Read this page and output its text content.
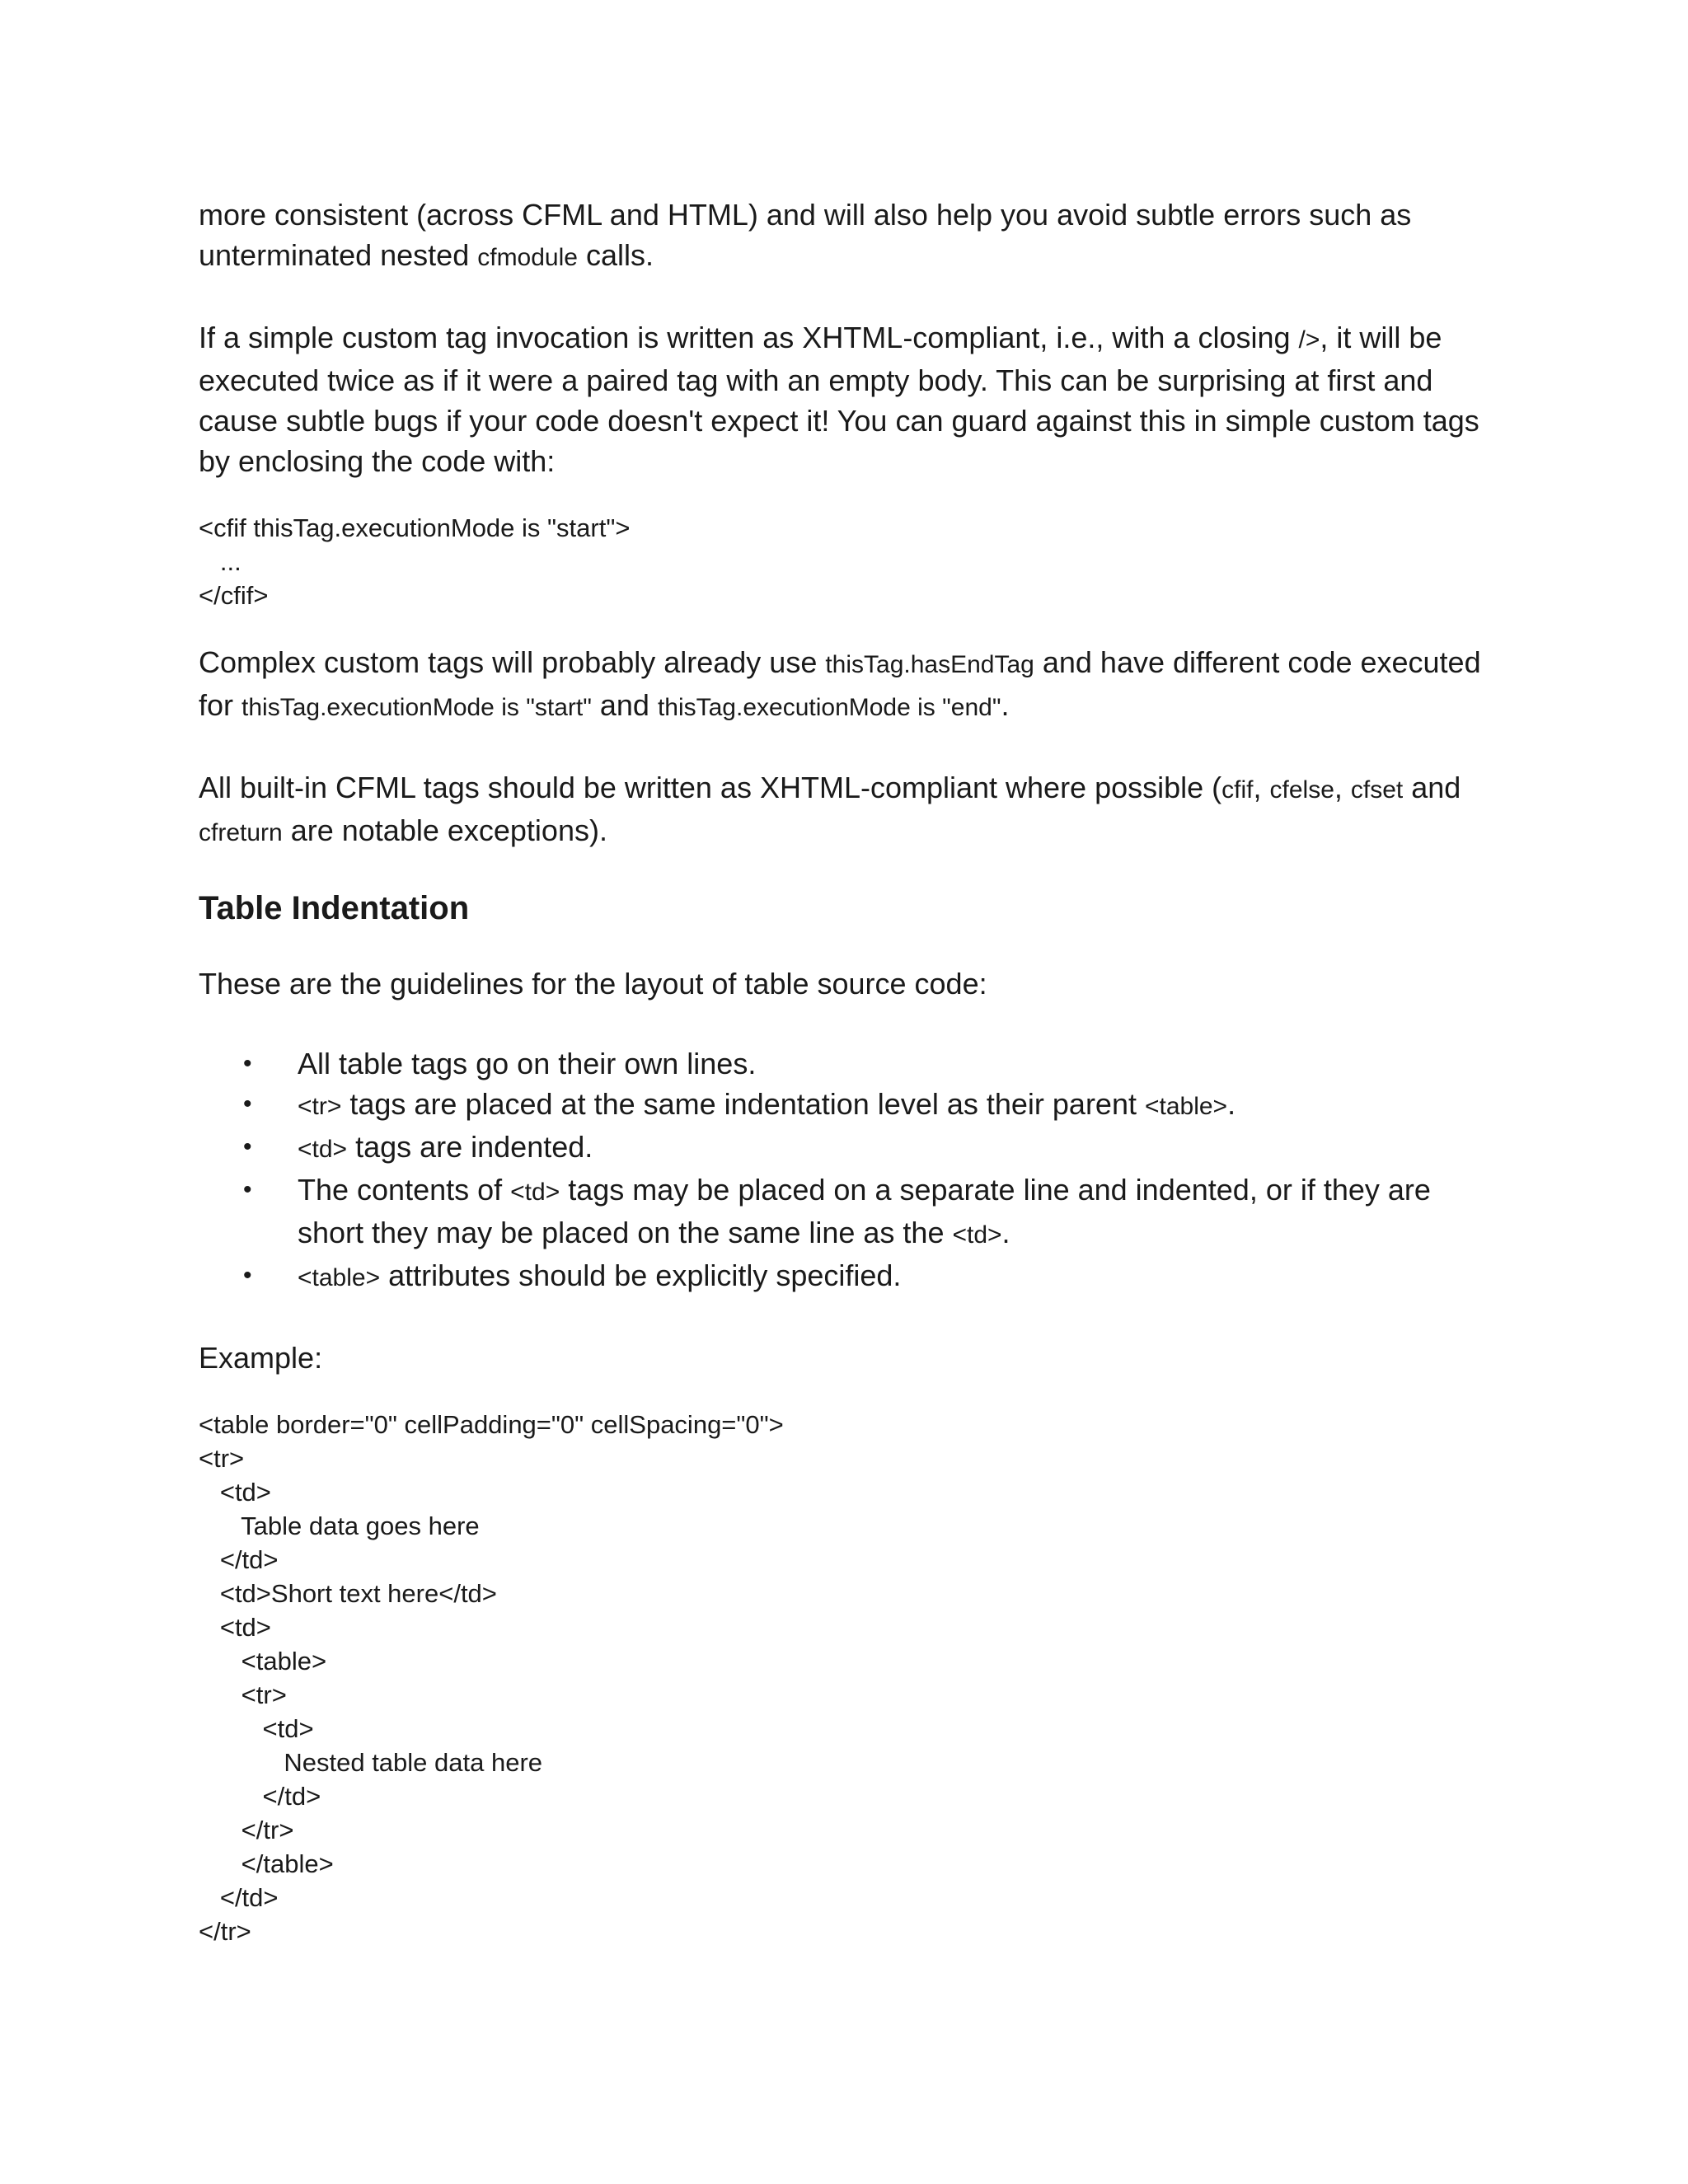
more consistent (across CFML and HTML) and will also help you avoid subtle errors such as
unterminated nested cfmodule calls.

If a simple custom tag invocation is written as XHTML-compliant, i.e., with a closing />, it will be executed twice as if it were a paired tag with an empty body. This can be surprising at first and cause subtle bugs if your code doesn't expect it! You can guard against this in simple custom tags by enclosing the code with:

<cfif thisTag.executionMode is "start">
...
</cfif>

Complex custom tags will probably already use thisTag.hasEndTag and have different code executed for thisTag.executionMode is "start" and thisTag.executionMode is "end".

All built-in CFML tags should be written as XHTML-compliant where possible (cfif, cfelse, cfset and cfreturn are notable exceptions).

Table Indentation

These are the guidelines for the layout of table source code:

• All table tags go on their own lines.
• <tr> tags are placed at the same indentation level as their parent <table>.
• <td> tags are indented.
• The contents of <td> tags may be placed on a separate line and indented, or if they are short they may be placed on the same line as the <td>.
• <table> attributes should be explicitly specified.

Example:

<table border="0" cellPadding="0" cellSpacing="0">
<tr>
<td>
Table data goes here
</td>
<td>Short text here</td>
<td>
<table>
<tr>
<td>
Nested table data here
</td>
</tr>
</table>
</td>
</tr>
